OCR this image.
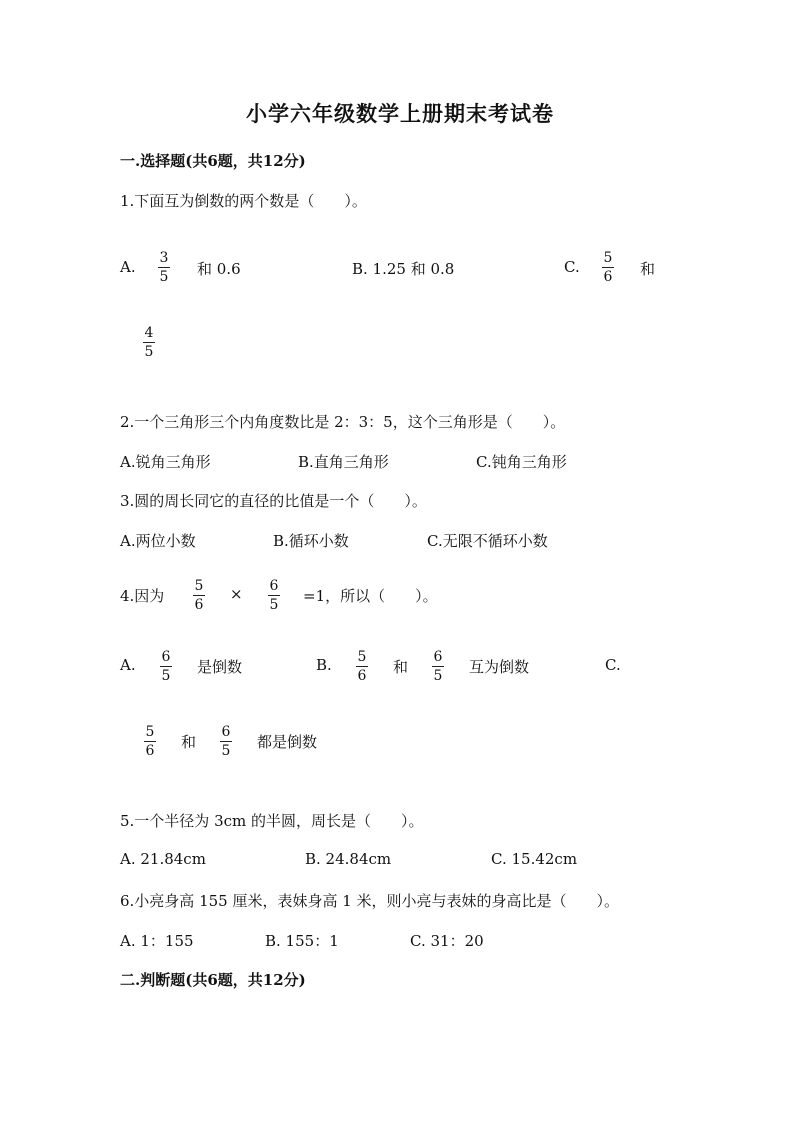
小学六年级数学上册期末考试卷
一.选择题(共6题，共12分)
1.下面互为倒数的两个数是（　　）。
A. 3
5 和 0.6	B. 1.25 和 0.8	C. 5
6 和
4
5
2.一个三角形三个内角度数比是 2：3：5，这个三角形是（　　）。
A.锐角三角形	B.直角三角形	C.钝角三角形
3.圆的周长同它的直径的比值是一个（　　）。
A.两位小数	B.循环小数	C.无限不循环小数
4.因为
5
6
× 6
5 =1，所以（　　）。
A. 6
5 是倒数	B. 5
6 和
6
5 互为倒数	C.
5
6 和
6
5 都是倒数
5.一个半径为 3cm 的半圆，周长是（　　）。
A. 21.84cm	B. 24.84cm	C. 15.42cm
6.小亮身高 155 厘米，表妹身高 1 米，则小亮与表妹的身高比是（　　）。
A. 1：155	B. 155：1	C. 31：20
二.判断题(共6题，共12分)
